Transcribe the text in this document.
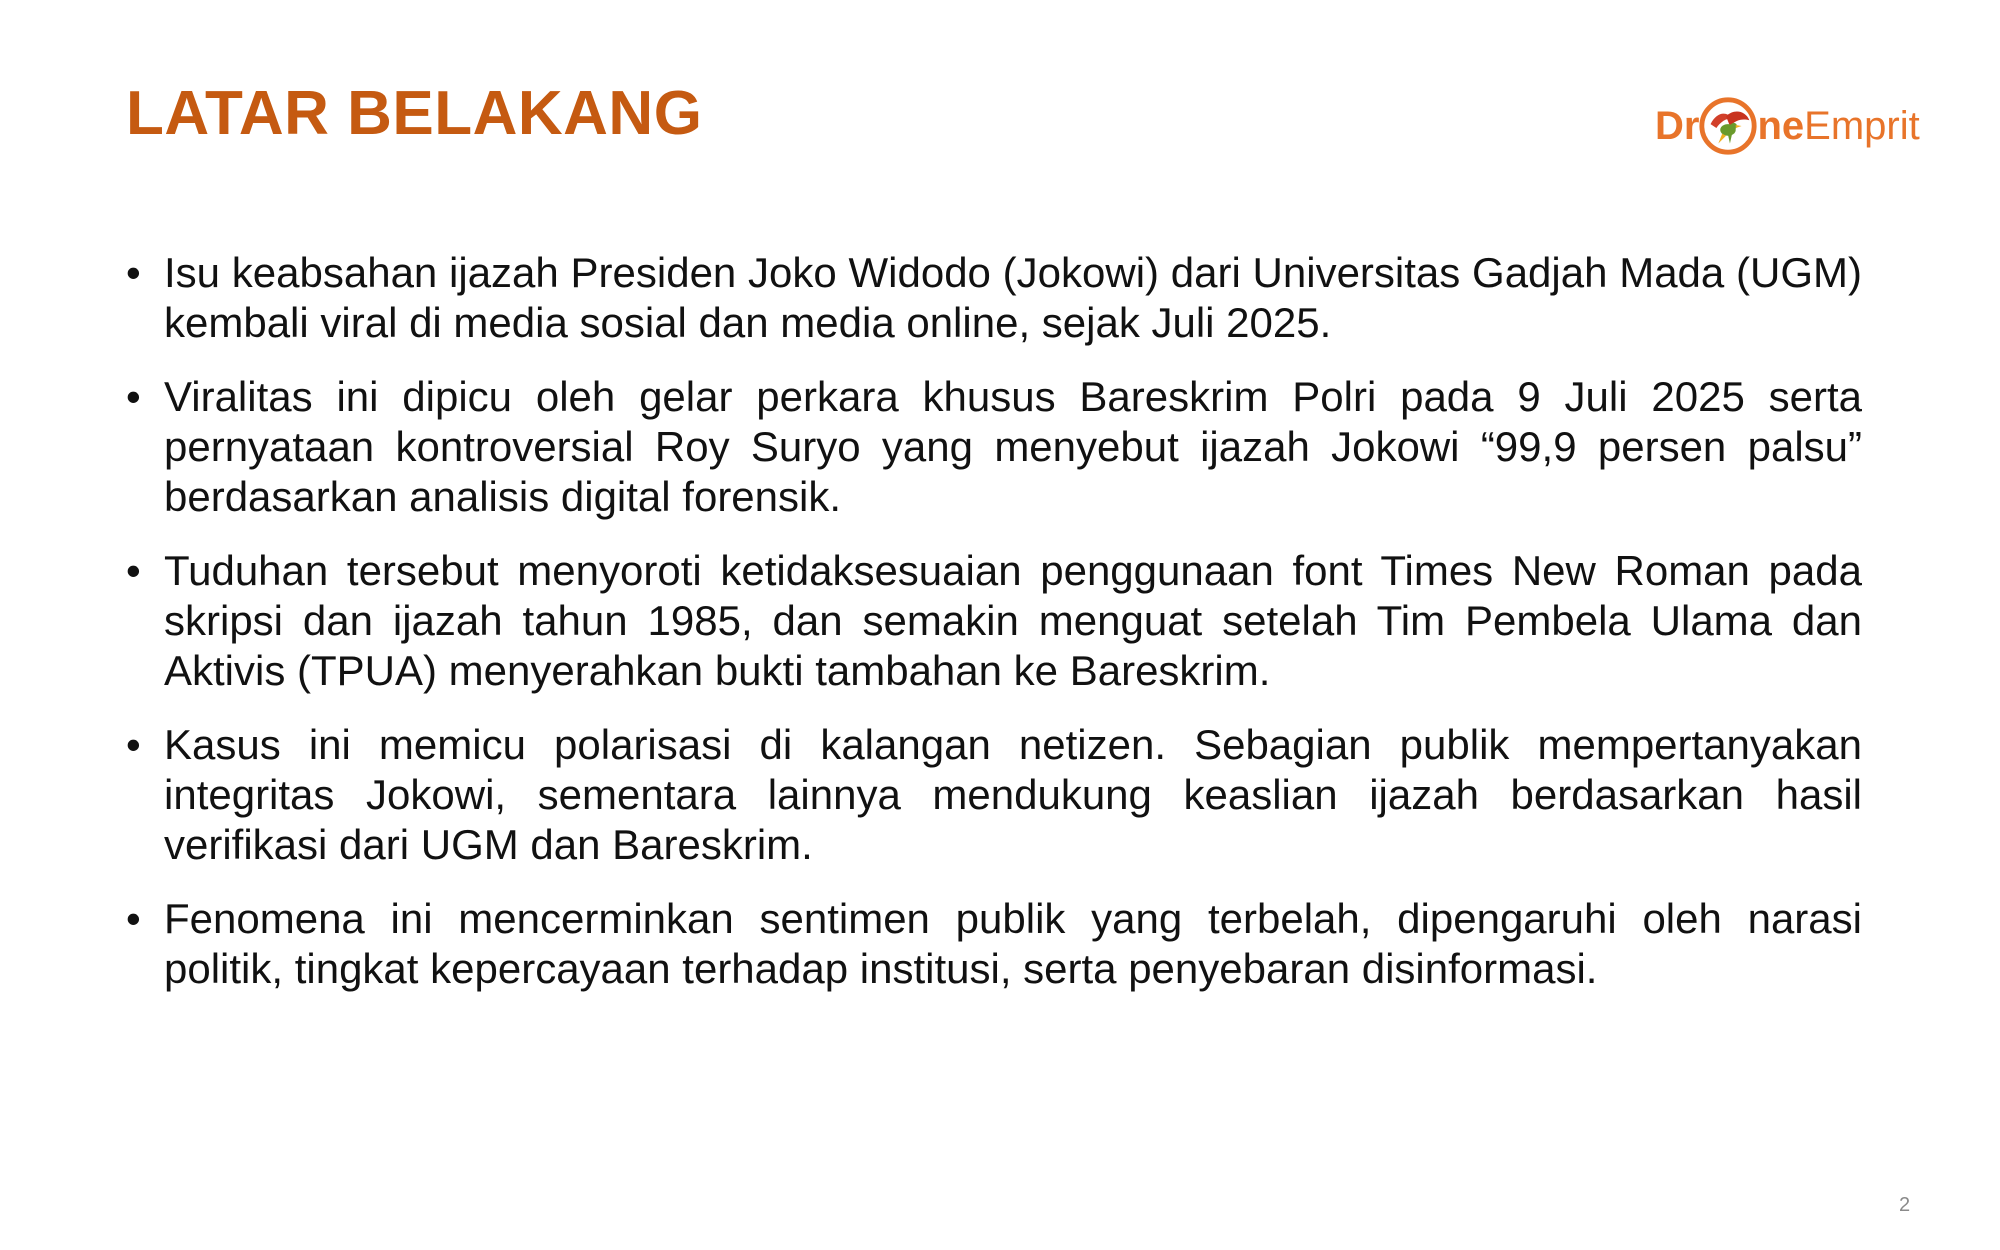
LATAR BELAKANG	Dr ne Emprit
• Isu keabsahan ijazah Presiden Joko Widodo (Jokowi) dari Universitas Gadjah Mada (UGM) kembali viral di media sosial dan media online, sejak Juli 2025.
• Viralitas ini dipicu oleh gelar perkara khusus Bareskrim Polri pada 9 Juli 2025 serta pernyataan kontroversial Roy Suryo yang menyebut ijazah Jokowi “99,9 persen palsu” berdasarkan analisis digital forensik.
• Tuduhan tersebut menyoroti ketidaksesuaian penggunaan font Times New Roman pada skripsi dan ijazah tahun 1985, dan semakin menguat setelah Tim Pembela Ulama dan Aktivis (TPUA) menyerahkan bukti tambahan ke Bareskrim.
• Kasus ini memicu polarisasi di kalangan netizen. Sebagian publik mempertanyakan integritas Jokowi, sementara lainnya mendukung keaslian ijazah berdasarkan hasil verifikasi dari UGM dan Bareskrim.
• Fenomena ini mencerminkan sentimen publik yang terbelah, dipengaruhi oleh narasi politik, tingkat kepercayaan terhadap institusi, serta penyebaran disinformasi.
2
